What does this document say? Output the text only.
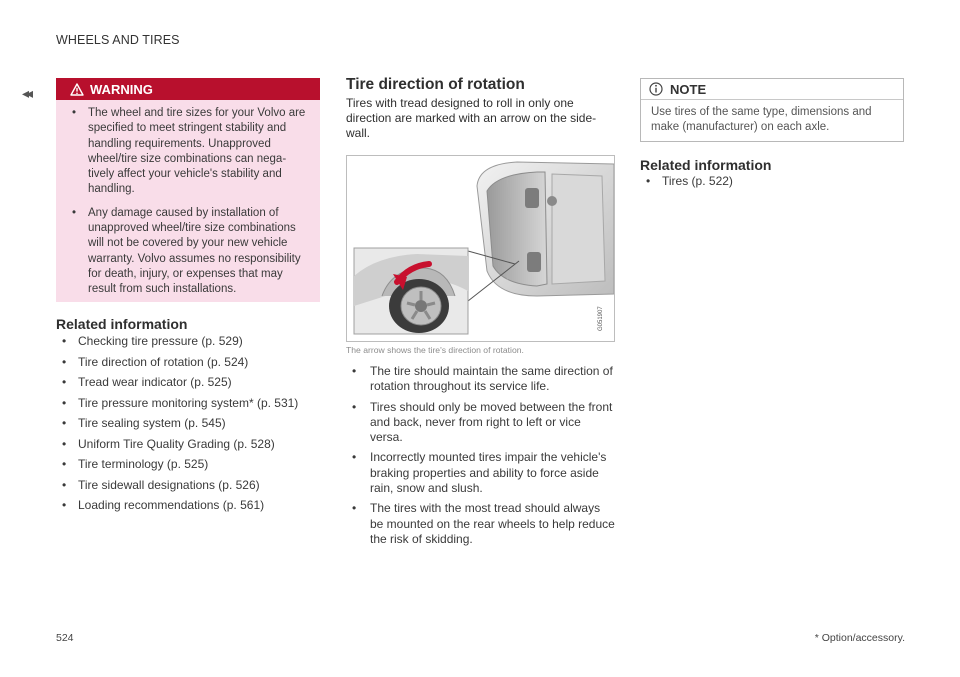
WHEELS AND TIRES
◂◂	WARNING
• The wheel and tire sizes for your Volvo are specified to meet stringent stability and handling requirements. Unapproved wheel/tire size combinations can nega-tively affect your vehicle's stability and handling.
• Any damage caused by installation of unapproved wheel/tire size combinations will not be covered by your new vehicle warranty. Volvo assumes no responsibility for death, injury, or expenses that may result from such installations.
Related information
• Checking tire pressure (p. 529)
• Tire direction of rotation (p. 524)
• Tread wear indicator (p. 525)
• Tire pressure monitoring system* (p. 531)
• Tire sealing system (p. 545)
• Uniform Tire Quality Grading (p. 528)
• Tire terminology (p. 525)
• Tire sidewall designations (p. 526)
• Loading recommendations (p. 561)
Tire direction of rotation
Tires with tread designed to roll in only one direction are marked with an arrow on the side-wall.
G051907
The arrow shows the tire's direction of rotation.
• The tire should maintain the same direction of rotation throughout its service life.
• Tires should only be moved between the front and back, never from right to left or vice versa.
• Incorrectly mounted tires impair the vehicle's braking properties and ability to force aside rain, snow and slush.
• The tires with the most tread should always be mounted on the rear wheels to help reduce the risk of skidding.
NOTE
Use tires of the same type, dimensions and make (manufacturer) on each axle.
Related information
• Tires (p. 522)
524	* Option/accessory.
